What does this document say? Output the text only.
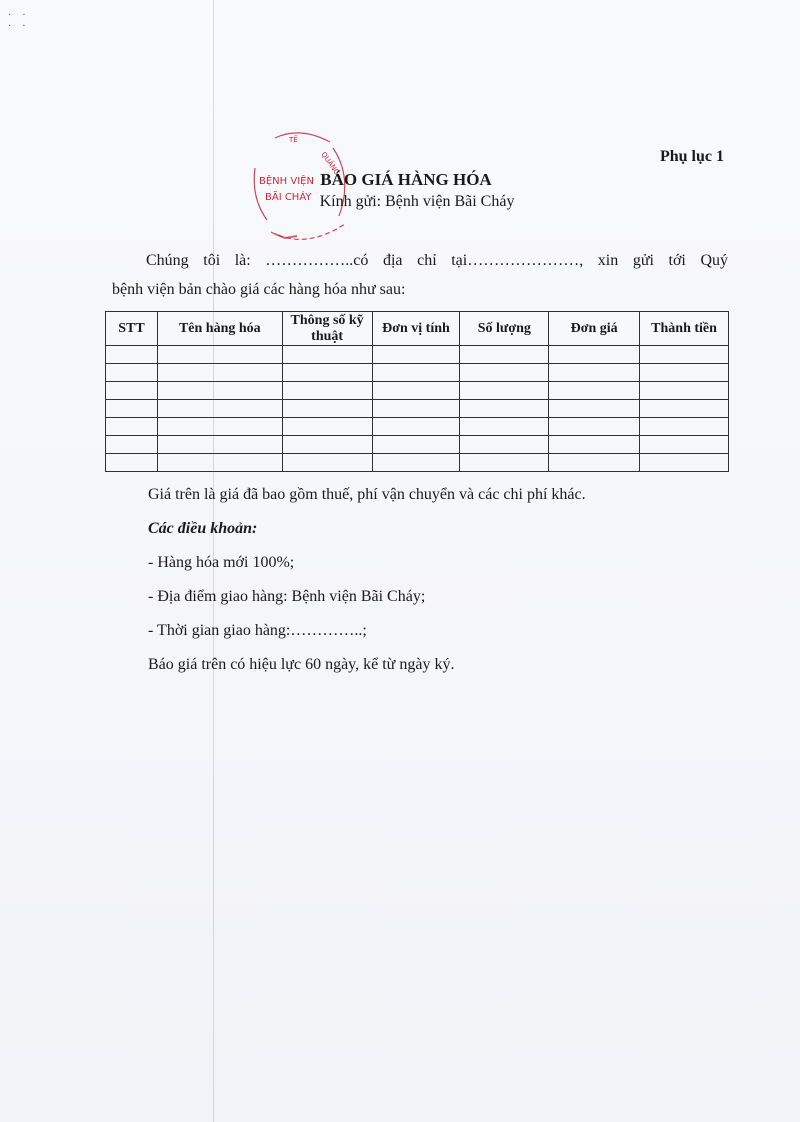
· ·
· ·
Phụ lục 1
TẾ
QUẢNG
BỆNH VIỆN
BÃI CHÁY
BÁO GIÁ HÀNG HÓA
Kính gửi: Bệnh viện Bãi Cháy
Chúng tôi là: ……………..có địa chỉ tại…………………, xin gửi tới Quý
bệnh viện bản chào giá các hàng hóa như sau:
STT	Tên hàng hóa	Thông số kỹ thuật	Đơn vị tính	Số lượng	Đơn giá	Thành tiền

Giá trên là giá đã bao gồm thuế, phí vận chuyển và các chi phí khác.

Các điều khoản:

- Hàng hóa mới 100%;

- Địa điểm giao hàng: Bệnh viện Bãi Cháy;

- Thời gian giao hàng:…………..;

Báo giá trên có hiệu lực 60 ngày, kể từ ngày ký.
